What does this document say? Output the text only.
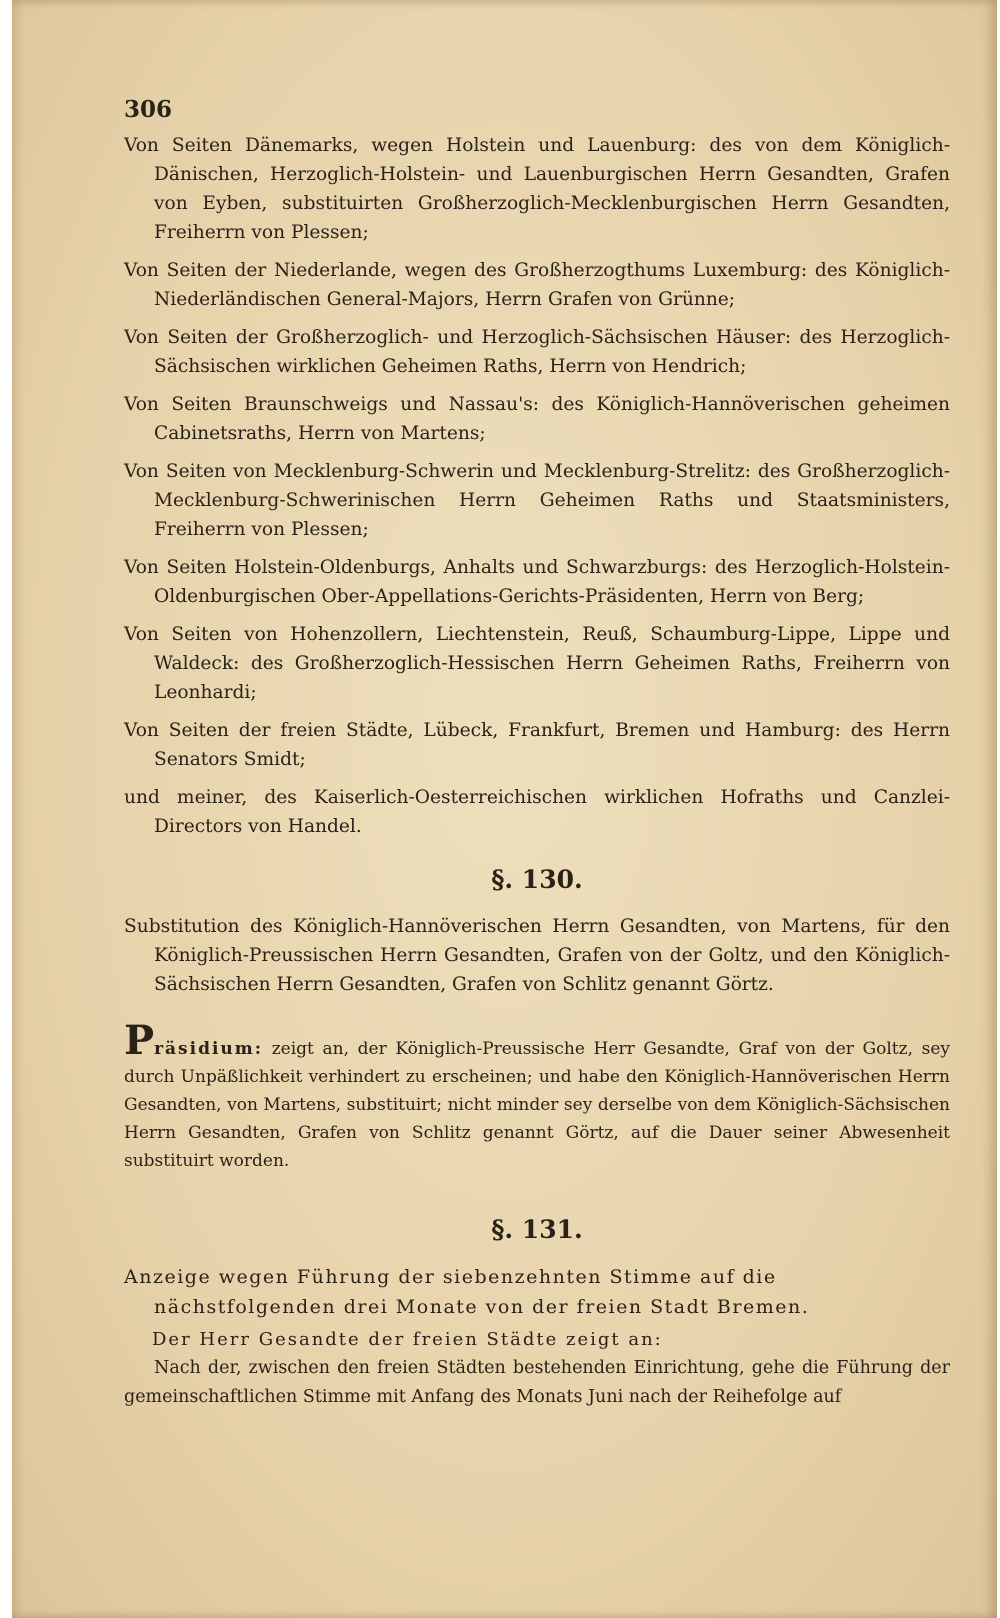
306
Von Seiten Dänemarks, wegen Holstein und Lauenburg: des von dem Königlich-Dänischen, Herzoglich-Holstein- und Lauenburgischen Herrn Gesandten, Grafen von Eyben, substituirten Großherzoglich-Mecklenburgischen Herrn Gesandten, Freiherrn von Plessen;
Von Seiten der Niederlande, wegen des Großherzogthums Luxemburg: des Königlich-Niederländischen General-Majors, Herrn Grafen von Grünne;
Von Seiten der Großherzoglich- und Herzoglich-Sächsischen Häuser: des Herzoglich-Sächsischen wirklichen Geheimen Raths, Herrn von Hendrich;
Von Seiten Braunschweigs und Nassau's: des Königlich-Hannöverischen geheimen Cabinetsraths, Herrn von Martens;
Von Seiten von Mecklenburg-Schwerin und Mecklenburg-Strelitz: des Großherzoglich-Mecklenburg-Schwerinischen Herrn Geheimen Raths und Staatsministers, Freiherrn von Plessen;
Von Seiten Holstein-Oldenburgs, Anhalts und Schwarzburgs: des Herzoglich-Holstein-Oldenburgischen Ober-Appellations-Gerichts-Präsidenten, Herrn von Berg;
Von Seiten von Hohenzollern, Liechtenstein, Reuß, Schaumburg-Lippe, Lippe und Waldeck: des Großherzoglich-Hessischen Herrn Geheimen Raths, Freiherrn von Leonhardi;
Von Seiten der freien Städte, Lübeck, Frankfurt, Bremen und Hamburg: des Herrn Senators Smidt;
und meiner, des Kaiserlich-Oesterreichischen wirklichen Hofraths und Canzlei-Directors von Handel.
§. 130.
Substitution des Königlich-Hannöverischen Herrn Gesandten, von Martens, für den Königlich-Preussischen Herrn Gesandten, Grafen von der Goltz, und den Königlich-Sächsischen Herrn Gesandten, Grafen von Schlitz genannt Görtz.
Präsidium: zeigt an, der Königlich-Preussische Herr Gesandte, Graf von der Goltz, sey durch Unpäßlichkeit verhindert zu erscheinen; und habe den Königlich-Hannöverischen Herrn Gesandten, von Martens, substituirt; nicht minder sey derselbe von dem Königlich-Sächsischen Herrn Gesandten, Grafen von Schlitz genannt Görtz, auf die Dauer seiner Abwesenheit substituirt worden.
§. 131.
Anzeige wegen Führung der siebenzehnten Stimme auf die nächstfolgenden drei Monate von der freien Stadt Bremen.
Der Herr Gesandte der freien Städte zeigt an:
Nach der, zwischen den freien Städten bestehenden Einrichtung, gehe die Führung der gemeinschaftlichen Stimme mit Anfang des Monats Juni nach der Reihefolge auf
